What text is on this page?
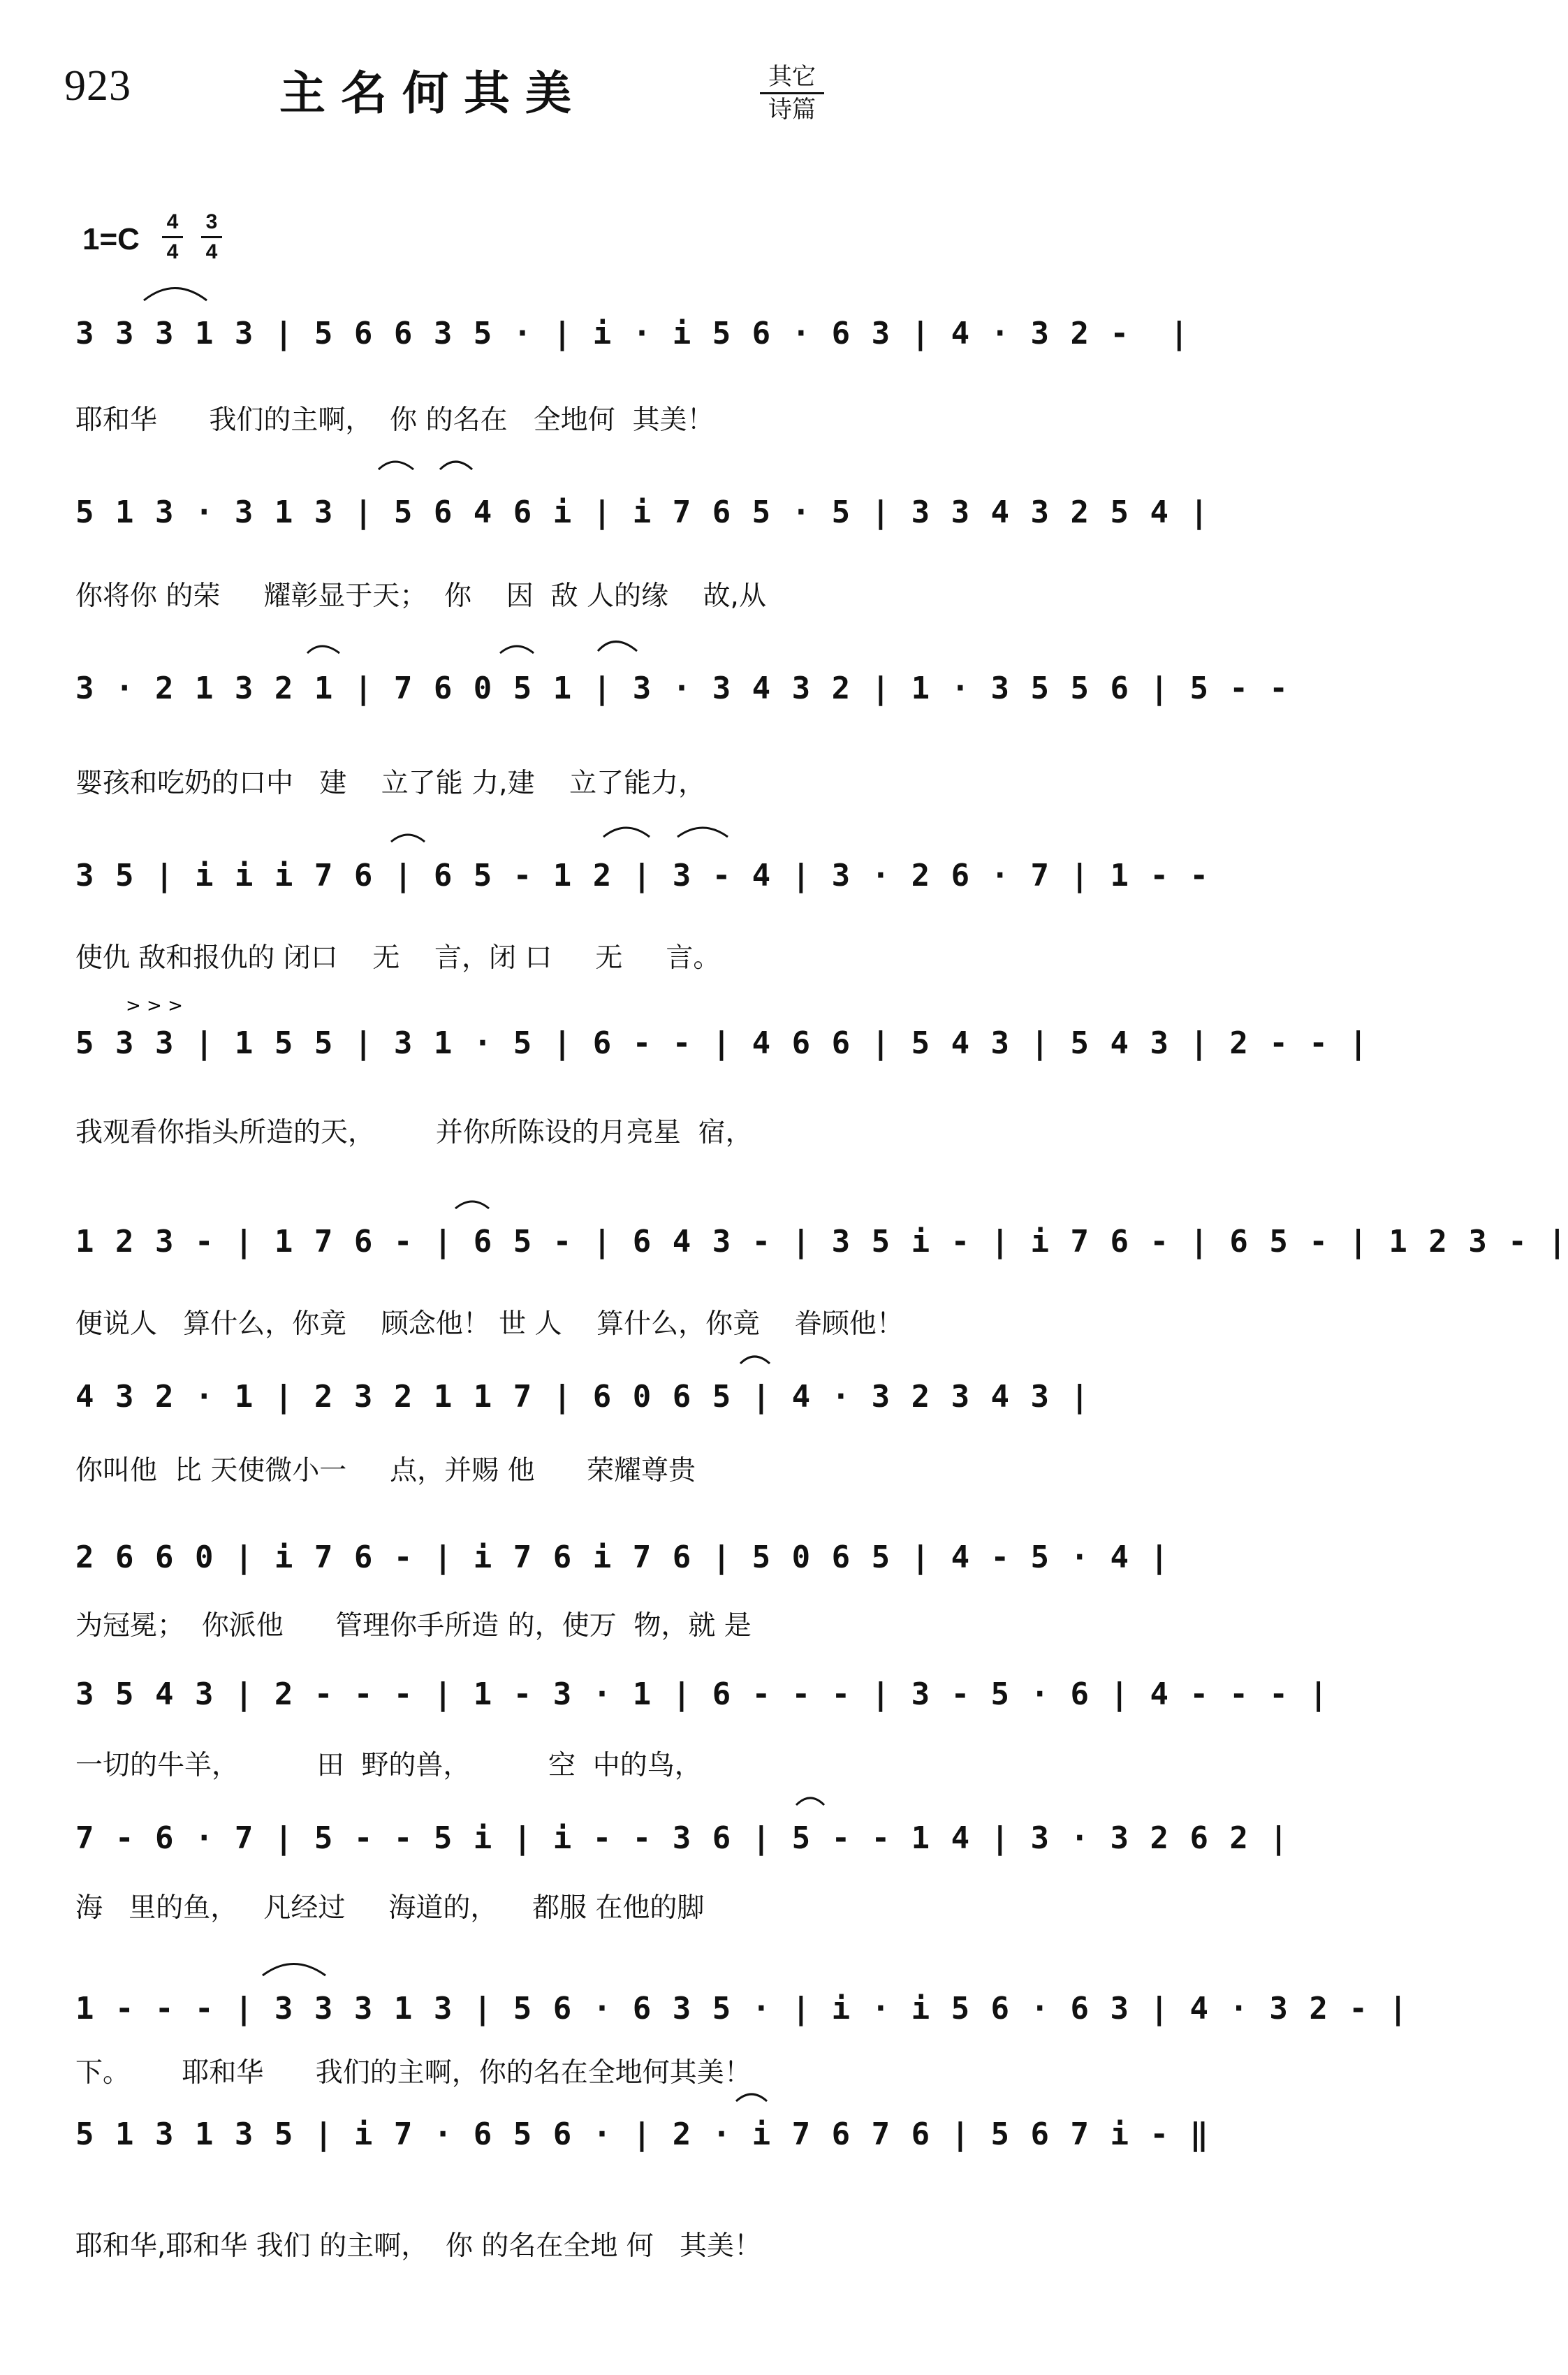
923	主名何其美	其它
诗篇
$1=C \frac{4}{4} \frac{3}{4}$
3 3 3 1 3 | 5 6 6 3 5 · | i · i 5 6 · 6 3 | 4 · 3 2 -  |
耶和华      我们的主啊，  你 的名在   全地何  其美！
5 1 3 · 3 1 3 | 5 6 4 6 i | i 7 6 5 · 5 | 3 3 4 3 2 5 4 |
你将你 的荣     耀彰显于天；  你    因  敌 人的缘    故,从
3 · 2 1 3 2 1 | 7 6 0 5 1 | 3 · 3 4 3 2 | 1 · 3 5 5 6 | 5 - -
婴孩和吃奶的口中   建    立了能 力,建    立了能力，
3 5 | i i i 7 6 | 6 5 - 1 2 | 3 - 4 | 3 · 2 6 · 7 | 1 - -
使仇 敌和报仇的 闭口    无    言，闭 口     无     言。
5 3 3 | 1 5 5 | 3 1 · 5 | 6 - - | 4 6 6 | 5 4 3 | 5 4 3 | 2 - - |
我观看你指头所造的天，       并你所陈设的月亮星  宿，
1 2 3 - | 1 7 6 - | 6 5 - | 6 4 3 - | 3 5 i - | i 7 6 - | 6 5 - | 1 2 3 - |
便说人   算什么，你竟    顾念他！ 世 人    算什么，你竟    眷顾他！
4 3 2 · 1 | 2 3 2 1 1 7 | 6 0 6 5 | 4 · 3 2 3 4 3 |
你叫他  比 天使微小一     点，并赐 他      荣耀尊贵
2 6 6 0 | i 7 6 - | i 7 6 i 7 6 | 5 0 6 5 | 4 - 5 · 4 |
为冠冕；  你派他      管理你手所造 的，使万  物，就 是
3 5 4 3 | 2 - - - | 1 - 3 · 1 | 6 - - - | 3 - 5 · 6 | 4 - - - |
一切的牛羊，         田  野的兽，         空  中的鸟，
7 - 6 · 7 | 5 - - 5 i | i - - 3 6 | 5 - - 1 4 | 3 · 3 2 6 2 |
海   里的鱼，   凡经过     海道的，    都服 在他的脚
1 - - - | 3 3 3 1 3 | 5 6 · 6 3 5 · | i · i 5 6 · 6 3 | 4 · 3 2 - |
下。      耶和华      我们的主啊，你的名在全地何其美！
5 1 3 1 3 5 | i 7 · 6 5 6 · | 2 · i 7 6 7 6 | 5 6 7 i - ‖
耶和华,耶和华 我们 的主啊，  你 的名在全地 何   其美！
> > >
